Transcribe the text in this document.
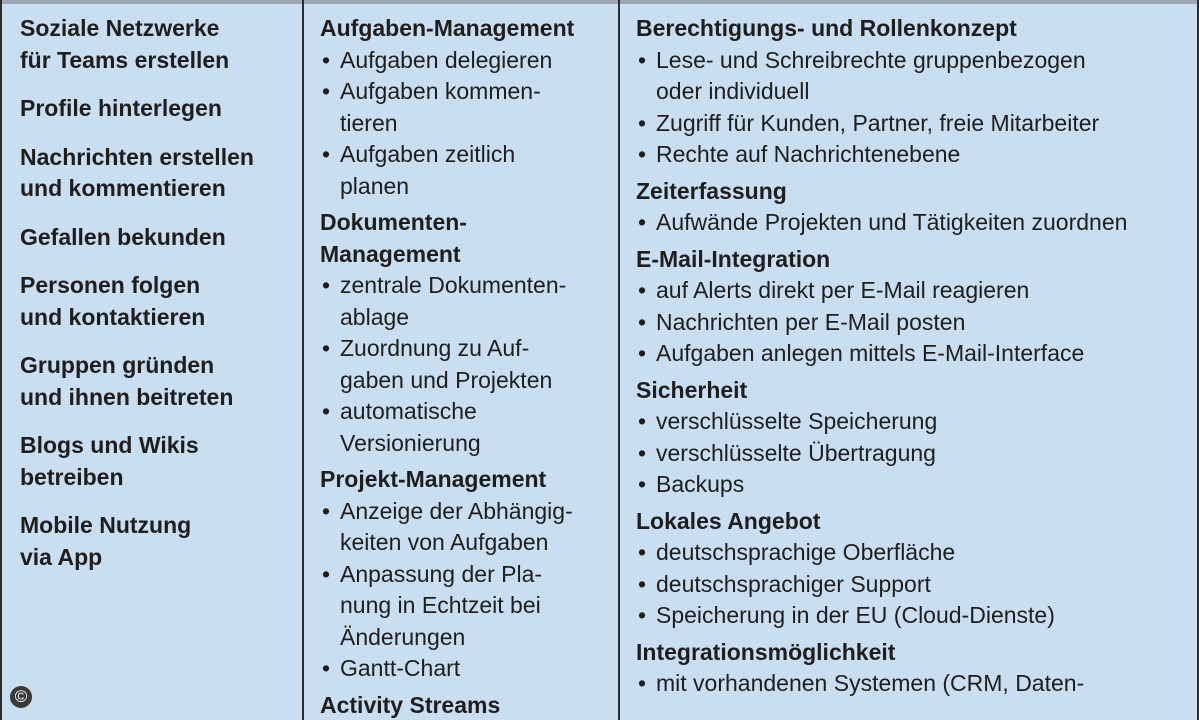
Soziale Netzwerke
für Teams erstellen
Profile hinterlegen
Nachrichten erstellen
und kommentieren
Gefallen bekunden
Personen folgen
und kontaktieren
Gruppen gründen
und ihnen beitreten
Blogs und Wikis
betreiben
Mobile Nutzung
via App
Aufgaben-Management
• Aufgaben delegieren
• Aufgaben kommen-
tieren
• Aufgaben zeitlich
planen
Dokumenten-
Management
• zentrale Dokumenten-
ablage
• Zuordnung zu Auf-
gaben und Projekten
• automatische
Versionierung
Projekt-Management
• Anzeige der Abhängig-
keiten von Aufgaben
• Anpassung der Pla-
nung in Echtzeit bei
Änderungen
• Gantt-Chart
Activity Streams
Berechtigungs- und Rollenkonzept
• Lese- und Schreibrechte gruppenbezogen
oder individuell
• Zugriff für Kunden, Partner, freie Mitarbeiter
• Rechte auf Nachrichtenebene
Zeiterfassung
• Aufwände Projekten und Tätigkeiten zuordnen
E-Mail-Integration
• auf Alerts direkt per E-Mail reagieren
• Nachrichten per E-Mail posten
• Aufgaben anlegen mittels E-Mail-Interface
Sicherheit
• verschlüsselte Speicherung
• verschlüsselte Übertragung
• Backups
Lokales Angebot
• deutschsprachige Oberfläche
• deutschsprachiger Support
• Speicherung in der EU (Cloud-Dienste)
Integrationsmöglichkeit
• mit vorhandenen Systemen (CRM, Daten-
©
